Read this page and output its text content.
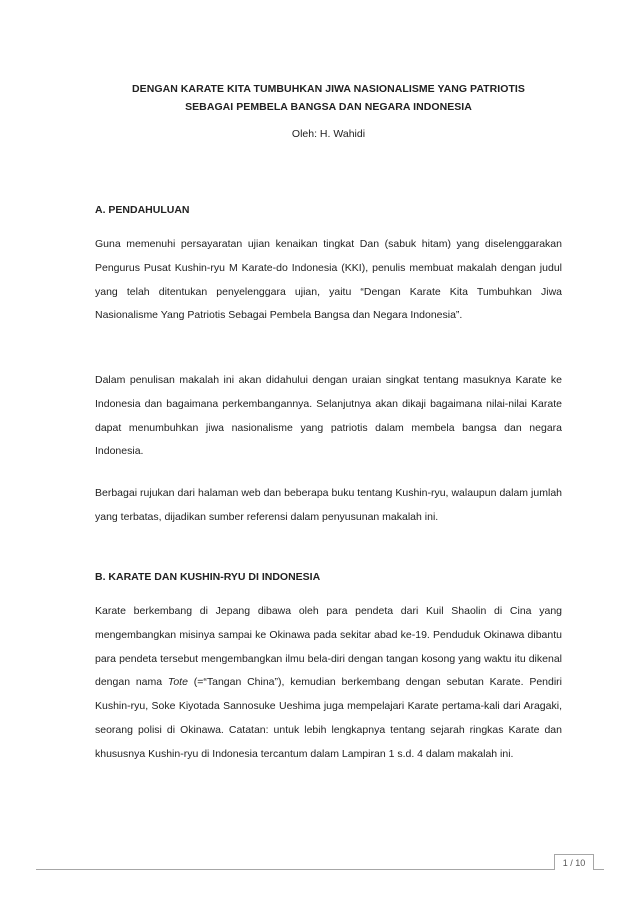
DENGAN KARATE KITA TUMBUHKAN JIWA NASIONALISME YANG PATRIOTIS
SEBAGAI PEMBELA BANGSA DAN NEGARA INDONESIA
Oleh: H. Wahidi
A. PENDAHULUAN

Guna memenuhi persayaratan ujian kenaikan tingkat Dan (sabuk hitam) yang diselenggarakan Pengurus Pusat Kushin-ryu M Karate-do Indonesia (KKI), penulis membuat makalah dengan judul yang telah ditentukan penyelenggara ujian, yaitu “Dengan Karate Kita Tumbuhkan Jiwa Nasionalisme Yang Patriotis Sebagai Pembela Bangsa dan Negara Indonesia”.

Dalam penulisan makalah ini akan didahului dengan uraian singkat tentang masuknya Karate ke Indonesia dan bagaimana perkembangannya. Selanjutnya akan dikaji bagaimana nilai-nilai Karate dapat menumbuhkan jiwa nasionalisme yang patriotis dalam membela bangsa dan negara Indonesia.

Berbagai rujukan dari halaman web dan beberapa buku tentang Kushin-ryu, walaupun dalam jumlah yang terbatas, dijadikan sumber referensi dalam penyusunan makalah ini.

B. KARATE DAN KUSHIN-RYU DI INDONESIA

Karate berkembang di Jepang dibawa oleh para pendeta dari Kuil Shaolin di Cina yang mengembangkan misinya sampai ke Okinawa pada sekitar abad ke-19. Penduduk Okinawa dibantu para pendeta tersebut mengembangkan ilmu bela-diri dengan tangan kosong yang waktu itu dikenal dengan nama Tote (=“Tangan China”), kemudian berkembang dengan sebutan Karate. Pendiri Kushin-ryu, Soke Kiyotada Sannosuke Ueshima juga mempelajari Karate pertama-kali dari Aragaki, seorang polisi di Okinawa. Catatan: untuk lebih lengkapnya tentang sejarah ringkas Karate dan khususnya Kushin-ryu di Indonesia tercantum dalam Lampiran 1 s.d. 4 dalam makalah ini.

1 / 10
